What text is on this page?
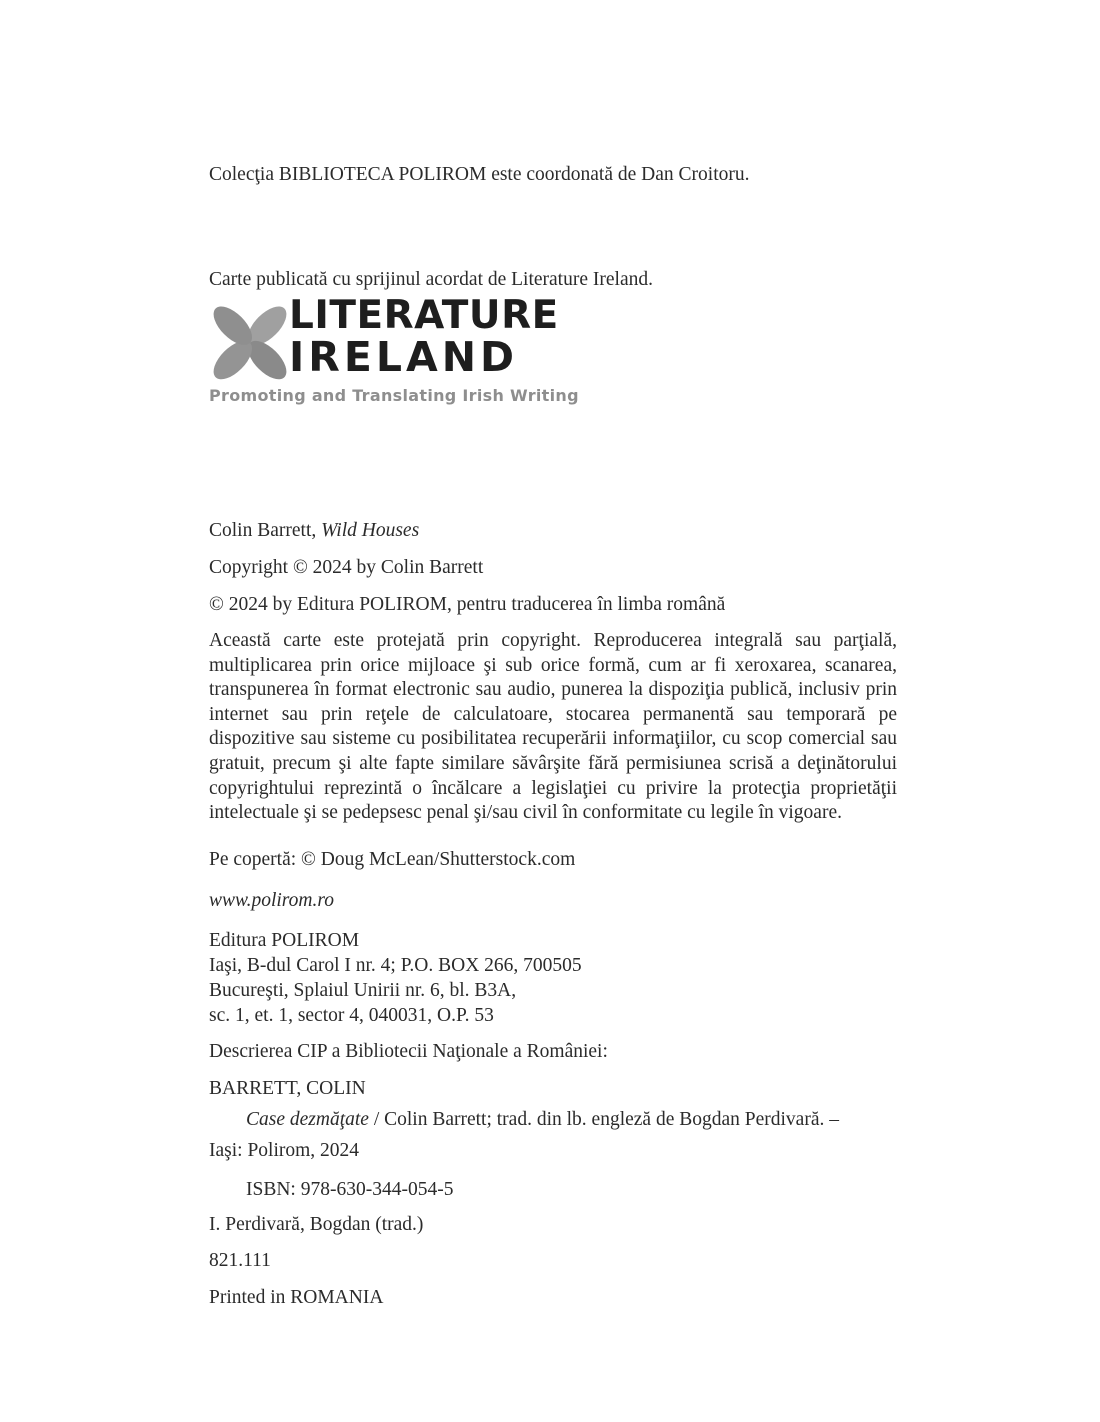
Colecţia BIBLIOTECA POLIROM este coordonată de Dan Croitoru.
Carte publicată cu sprijinul acordat de Literature Ireland.
LITERATURE
IRELAND
Promoting and Translating Irish Writing
Colin Barrett, Wild Houses
Copyright © 2024 by Colin Barrett
© 2024 by Editura POLIROM, pentru traducerea în limba română
Această carte este protejată prin copyright. Reproducerea integrală sau parţială, multiplicarea prin orice mijloace şi sub orice formă, cum ar fi xeroxarea, scanarea, transpunerea în format electronic sau audio, punerea la dispoziţia publică, inclusiv prin internet sau prin reţele de calculatoare, stocarea permanentă sau temporară pe dispozitive sau sisteme cu posibilitatea recuperării informaţiilor, cu scop comercial sau gratuit, precum şi alte fapte similare săvârşite fără permisiunea scrisă a deţinătorului copyrightului reprezintă o încălcare a legislaţiei cu privire la protecţia proprietăţii intelectuale şi se pedepsesc penal şi/sau civil în conformitate cu legile în vigoare.
Pe copertă: © Doug McLean/Shutterstock.com
www.polirom.ro
Editura POLIROM
Iaşi, B-dul Carol I nr. 4; P.O. BOX 266, 700505
Bucureşti, Splaiul Unirii nr. 6, bl. B3A,
sc. 1, et. 1, sector 4, 040031, O.P. 53
Descrierea CIP a Bibliotecii Naţionale a României:
BARRETT, COLIN
Case dezmăţate / Colin Barrett; trad. din lb. engleză de Bogdan Perdivară. –
Iaşi: Polirom, 2024
ISBN: 978-630-344-054-5
I. Perdivară, Bogdan (trad.)
821.111
Printed in ROMANIA
